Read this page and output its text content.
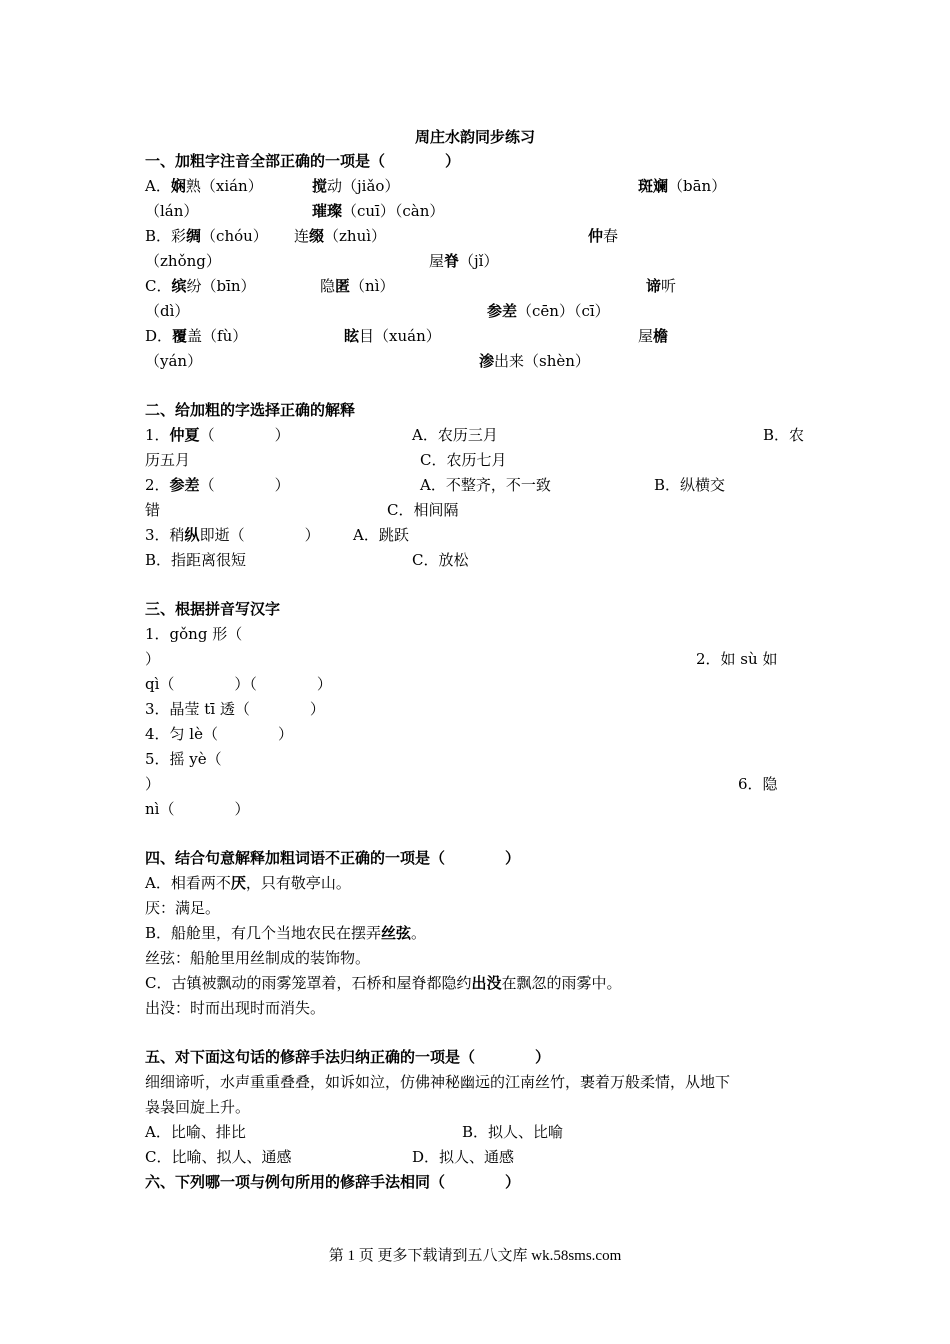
周庄水韵同步练习
一、加粗字注音全部正确的一项是（　　　　）
A．娴熟（xián）	搅动（jiǎo）	斑斓（bān）
（lán）	璀璨（cuī）（càn）
B．彩绸（chóu） 连缀（zhuì）	仲春
（zhǒng）	屋脊（jǐ）
C．缤纷（bīn）	隐匿（nì）	谛听
（dì）	参差（cēn）（cī）
D．覆盖（fù）	眩目（xuán）	屋檐
（yán）	渗出来（shèn）
二、给加粗的字选择正确的解释
1．仲夏（　　　　）	A．农历三月	B．农
历五月	C．农历七月
2．参差（　　　　）	A．不整齐，不一致	B．纵横交
错	C．相间隔
3．稍纵即逝（　　　　） A．跳跃
B．指距离很短	C．放松
三、根据拼音写汉字
1．gǒng 形（
）	2．如 sù 如
qì（　　　　）（　　　　）
3．晶莹 tī 透（　　　　）
4．匀 lè（　　　　）
5．摇 yè（
）	6．隐
nì（　　　　）
四、结合句意解释加粗词语不正确的一项是（　　　　）
A．相看两不厌，只有敬亭山。
厌：满足。
B．船舱里，有几个当地农民在摆弄丝弦。
丝弦：船舱里用丝制成的装饰物。
C．古镇被飘动的雨雾笼罩着，石桥和屋脊都隐约出没在飘忽的雨雾中。
出没：时而出现时而消失。
五、对下面这句话的修辞手法归纳正确的一项是（　　　　）
细细谛听，水声重重叠叠，如诉如泣，仿佛神秘幽远的江南丝竹，裹着万般柔情，从地下
袅袅回旋上升。
A．比喻、排比	B．拟人、比喻
C．比喻、拟人、通感	D．拟人、通感
六、下列哪一项与例句所用的修辞手法相同（　　　　）
第 1 页 更多下载请到五八文库 wk.58sms.com
